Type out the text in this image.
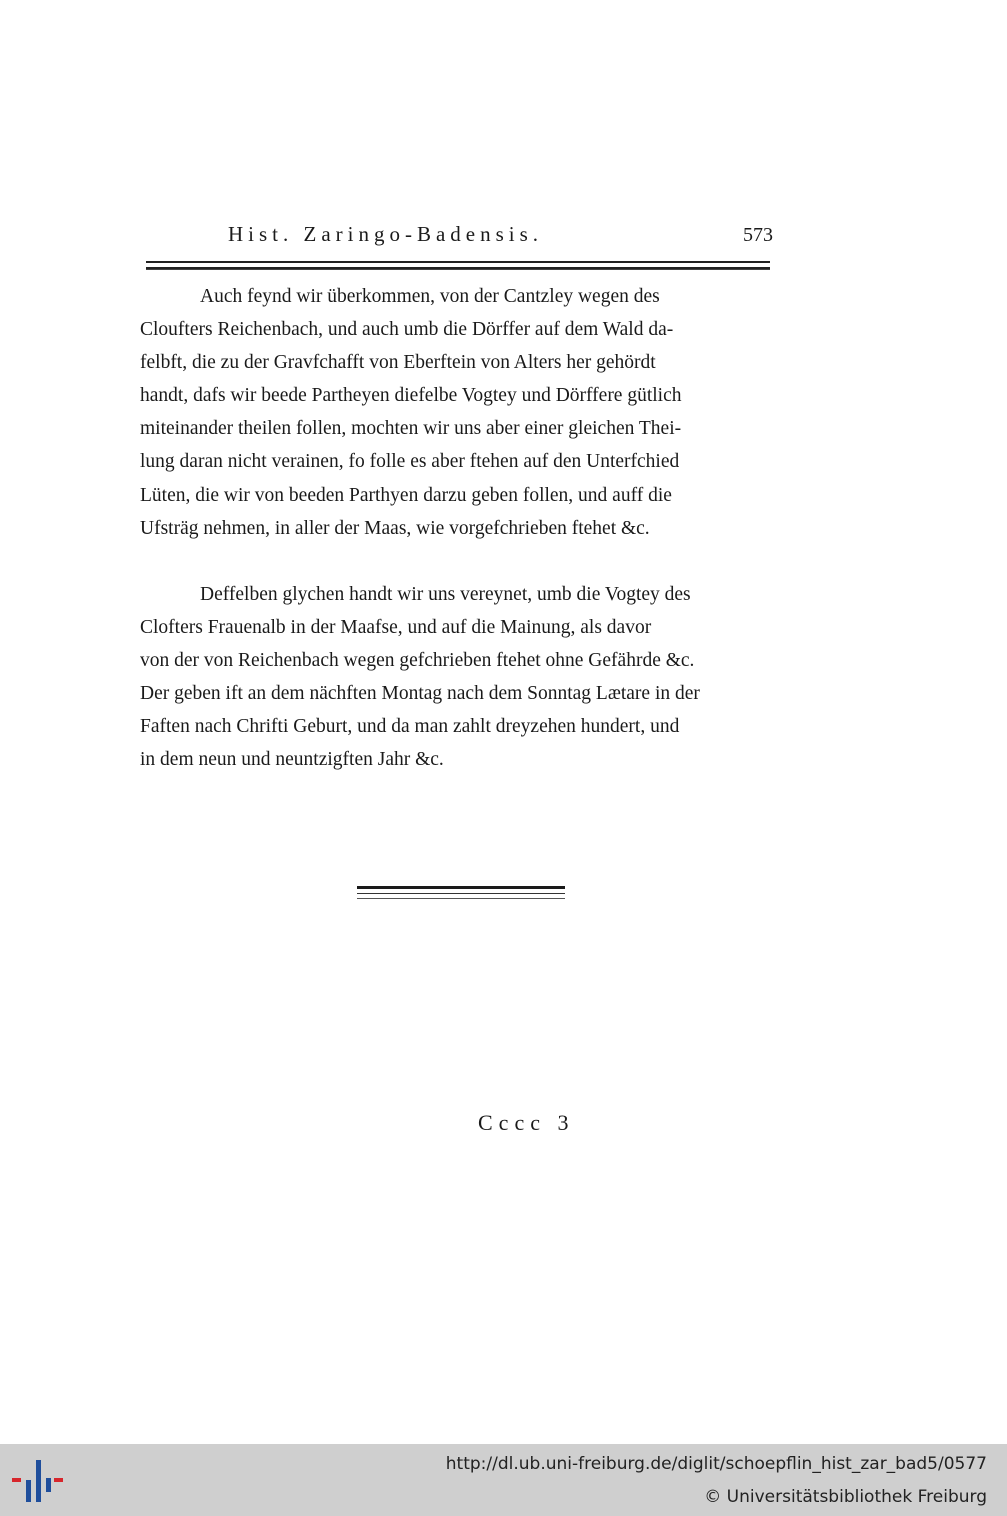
Hist. Zaringo-Badensis.	573

Auch feynd wir überkommen, von der Cantzley wegen des
Cloufters Reichenbach, und auch umb die Dörffer auf dem Wald da-
felbft, die zu der Gravfchafft von Eberftein von Alters her gehördt
handt, dafs wir beede Partheyen diefelbe Vogtey und Dörffere gütlich
miteinander theilen follen, mochten wir uns aber einer gleichen Thei-
lung daran nicht verainen, fo folle es aber ftehen auf den Unterfchied
Lüten, die wir von beeden Parthyen darzu geben follen, und auff die
Ufsträg nehmen, in aller der Maas, wie vorgefchrieben ftehet &c.

Deffelben glychen handt wir uns vereynet, umb die Vogtey des
Clofters Frauenalb in der Maafse, und auf die Mainung, als davor
von der von Reichenbach wegen gefchrieben ftehet ohne Gefährde &c.
Der geben ift an dem nächften Montag nach dem Sonntag Lætare in der
Faften nach Chrifti Geburt, und da man zahlt dreyzehen hundert, und
in dem neun und neuntzigften Jahr &c.

Cccc 3
http://dl.ub.uni-freiburg.de/diglit/schoepflin_hist_zar_bad5/0577
© Universitätsbibliothek Freiburg
